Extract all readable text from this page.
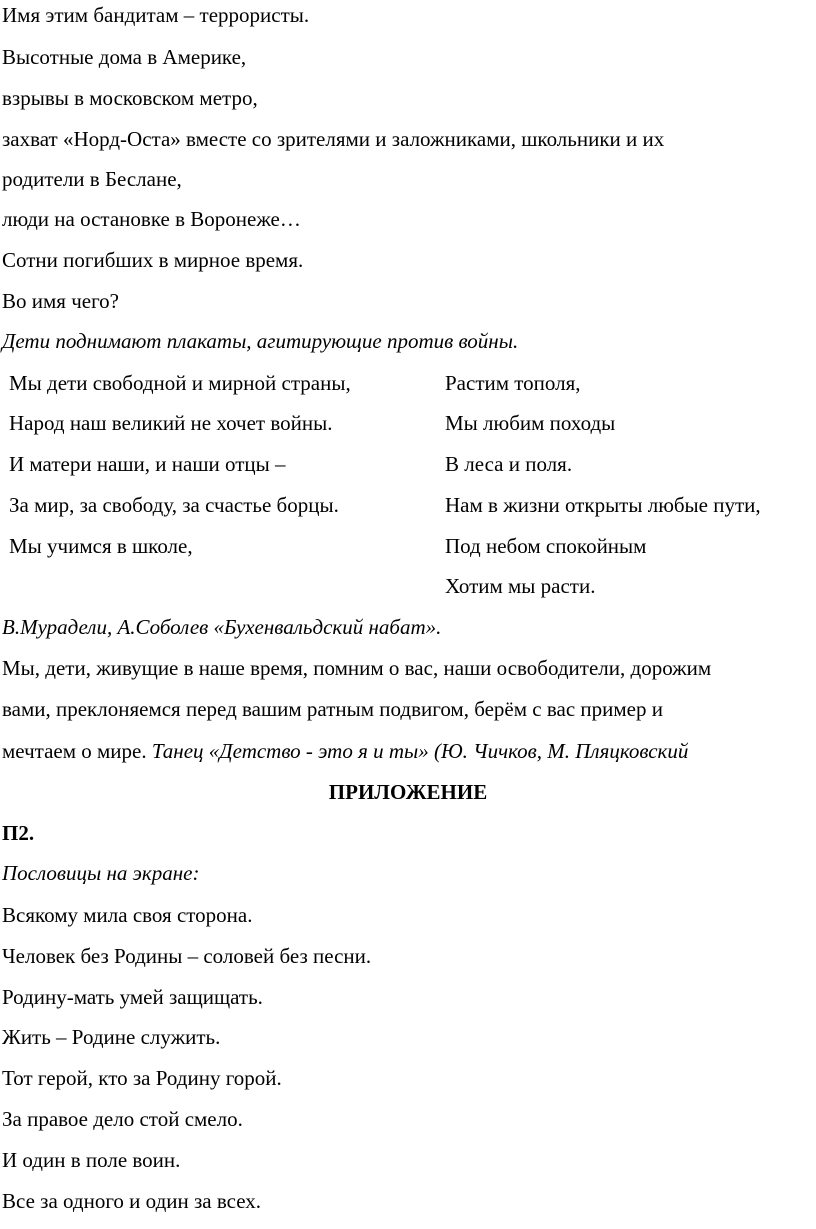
Имя этим бандитам – террористы.
Высотные дома в Америке,
взрывы в московском метро,
захват «Норд-Оста» вместе со зрителями и заложниками, школьники и их
родители в Беслане,
люди на остановке в Воронеже…
Сотни погибших в мирное время.
Во имя чего?
Дети поднимают плакаты, агитирующие против войны.
Мы дети свободной и мирной страны,
Народ наш великий не хочет войны.
И матери наши, и наши отцы –
За мир, за свободу, за счастье борцы.
Мы учимся в школе,
Растим тополя,
Мы любим походы
В леса и поля.
Нам в жизни открыты любые пути,
Под небом спокойным
Хотим мы расти.
В.Мурадели, А.Соболев «Бухенвальдский набат».
Мы, дети, живущие в наше время, помним о вас, наши освободители, дорожим
вами, преклоняемся перед вашим ратным подвигом, берём с вас пример и
мечтаем о мире. Танец «Детство - это я и ты» (Ю. Чичков, М. Пляцковский
ПРИЛОЖЕНИЕ
П2.
Пословицы на экране:
Всякому мила своя сторона.
Человек без Родины – соловей без песни.
Родину-мать умей защищать.
Жить – Родине служить.
Тот герой, кто за Родину горой.
За правое дело стой смело.
И один в поле воин.
Все за одного и один за всех.
